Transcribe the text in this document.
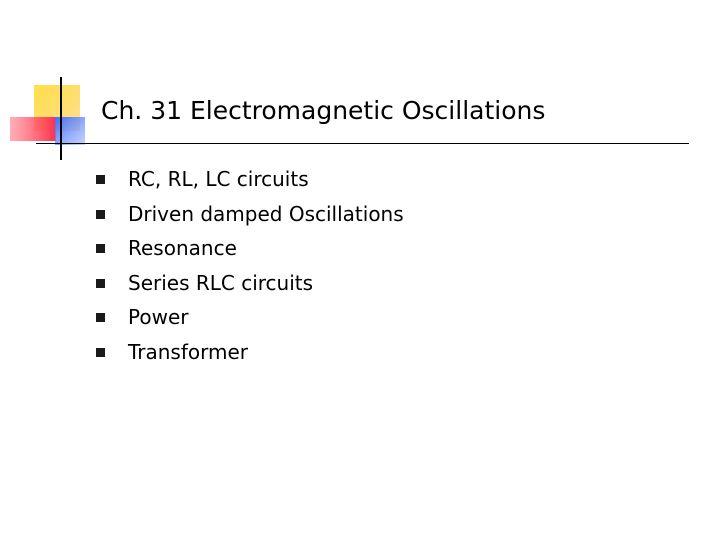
Ch. 31 Electromagnetic Oscillations
RC, RL, LC circuits
Driven damped Oscillations
Resonance
Series RLC circuits
Power
Transformer
